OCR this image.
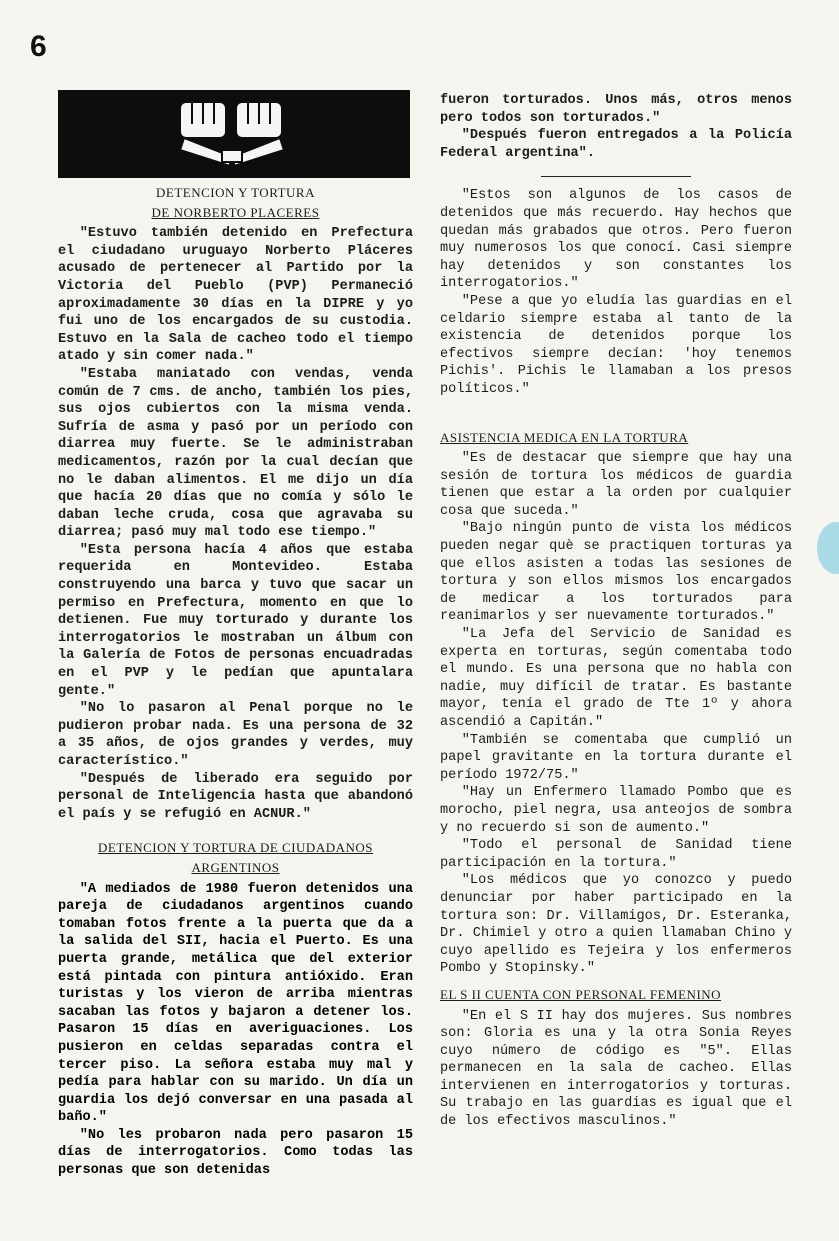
6
DETENCION Y TORTURA
DE NORBERTO PLACERES

"Estuvo también detenido en Prefectura el ciudadano uruguayo Norberto Pláceres acusado de pertenecer al Partido por la Victoria del Pueblo (PVP) Permaneció aproximadamente 30 días en la DIPRE y yo fui uno de los encargados de su custodia. Estuvo en la Sala de cacheo todo el tiempo atado y sin comer nada."

"Estaba maniatado con vendas, venda común de 7 cms. de ancho, también los pies, sus ojos cubiertos con la misma venda. Sufría de asma y pasó por un período con diarrea muy fuerte. Se le administraban medicamentos, razón por la cual decían que no le daban alimentos. El me dijo un día que hacía 20 días que no comía y sólo le daban leche cruda, cosa que agravaba su diarrea; pasó muy mal todo ese tiempo."

"Esta persona hacía 4 años que estaba requerida en Montevideo. Estaba construyendo una barca y tuvo que sacar un permiso en Prefectura, momento en que lo detienen. Fue muy torturado y durante los interrogatorios le mostraban un álbum con la Galería de Fotos de personas encuadradas en el PVP y le pedían que apuntalara gente."

"No lo pasaron al Penal porque no le pudieron probar nada. Es una persona de 32 a 35 años, de ojos grandes y verdes, muy característico."

"Después de liberado era seguido por personal de Inteligencia hasta que abandonó el país y se refugió en ACNUR."

DETENCION Y TORTURA DE CIUDADANOS
ARGENTINOS

"A mediados de 1980 fueron detenidos una pareja de ciudadanos argentinos cuando tomaban fotos frente a la puerta que da a la salida del SII, hacia el Puerto. Es una puerta grande, metálica que del exterior está pintada con pintura antióxido. Eran turistas y los vieron de arriba mientras sacaban las fotos y bajaron a detener los. Pasaron 15 días en averiguaciones. Los pusieron en celdas separadas contra el tercer piso. La señora estaba muy mal y pedía para hablar con su marido. Un día un guardia los dejó conversar en una pasada al baño."

"No les probaron nada pero pasaron 15 días de interrogatorios. Como todas las personas que son detenidas

fueron torturados. Unos más, otros menos pero todos son torturados."

"Después fueron entregados a la Policía Federal argentina".

"Estos son algunos de los casos de detenidos que más recuerdo. Hay hechos que quedan más grabados que otros. Pero fueron muy numerosos los que conocí. Casi siempre hay detenidos y son constantes los interrogatorios."

"Pese a que yo eludía las guardias en el celdario siempre estaba al tanto de la existencia de detenidos porque los efectivos siempre decían: 'hoy tenemos Pichis'. Pichis le llamaban a los presos políticos."

ASISTENCIA MEDICA EN LA TORTURA

"Es de destacar que siempre que hay una sesión de tortura los médicos de guardia tienen que estar a la orden por cualquier cosa que suceda."

"Bajo ningún punto de vista los médicos pueden negar què se practiquen torturas ya que ellos asisten a todas las sesiones de tortura y son ellos mismos los encargados de medicar a los torturados para reanimarlos y ser nuevamente torturados."

"La Jefa del Servicio de Sanidad es experta en torturas, según comentaba todo el mundo. Es una persona que no habla con nadie, muy difícil de tratar. Es bastante mayor, tenía el grado de Tte 1º y ahora ascendió a Capitán."

"También se comentaba que cumplió un papel gravitante en la tortura durante el período 1972/75."

"Hay un Enfermero llamado Pombo que es morocho, piel negra, usa anteojos de sombra y no recuerdo si son de aumento."

"Todo el personal de Sanidad tiene participación en la tortura."

"Los médicos que yo conozco y puedo denunciar por haber participado en la tortura son: Dr. Villamigos, Dr. Esteranka, Dr. Chimiel y otro a quien llamaban Chino y cuyo apellido es Tejeira y los enfermeros Pombo y Stopinsky."

EL S II CUENTA CON PERSONAL FEMENINO

"En el S II hay dos mujeres. Sus nombres son: Gloria es una y la otra Sonia Reyes cuyo número de código es "5". Ellas permanecen en la sala de cacheo. Ellas intervienen en interrogatorios y torturas. Su trabajo en las guardias es igual que el de los efectivos masculinos."
